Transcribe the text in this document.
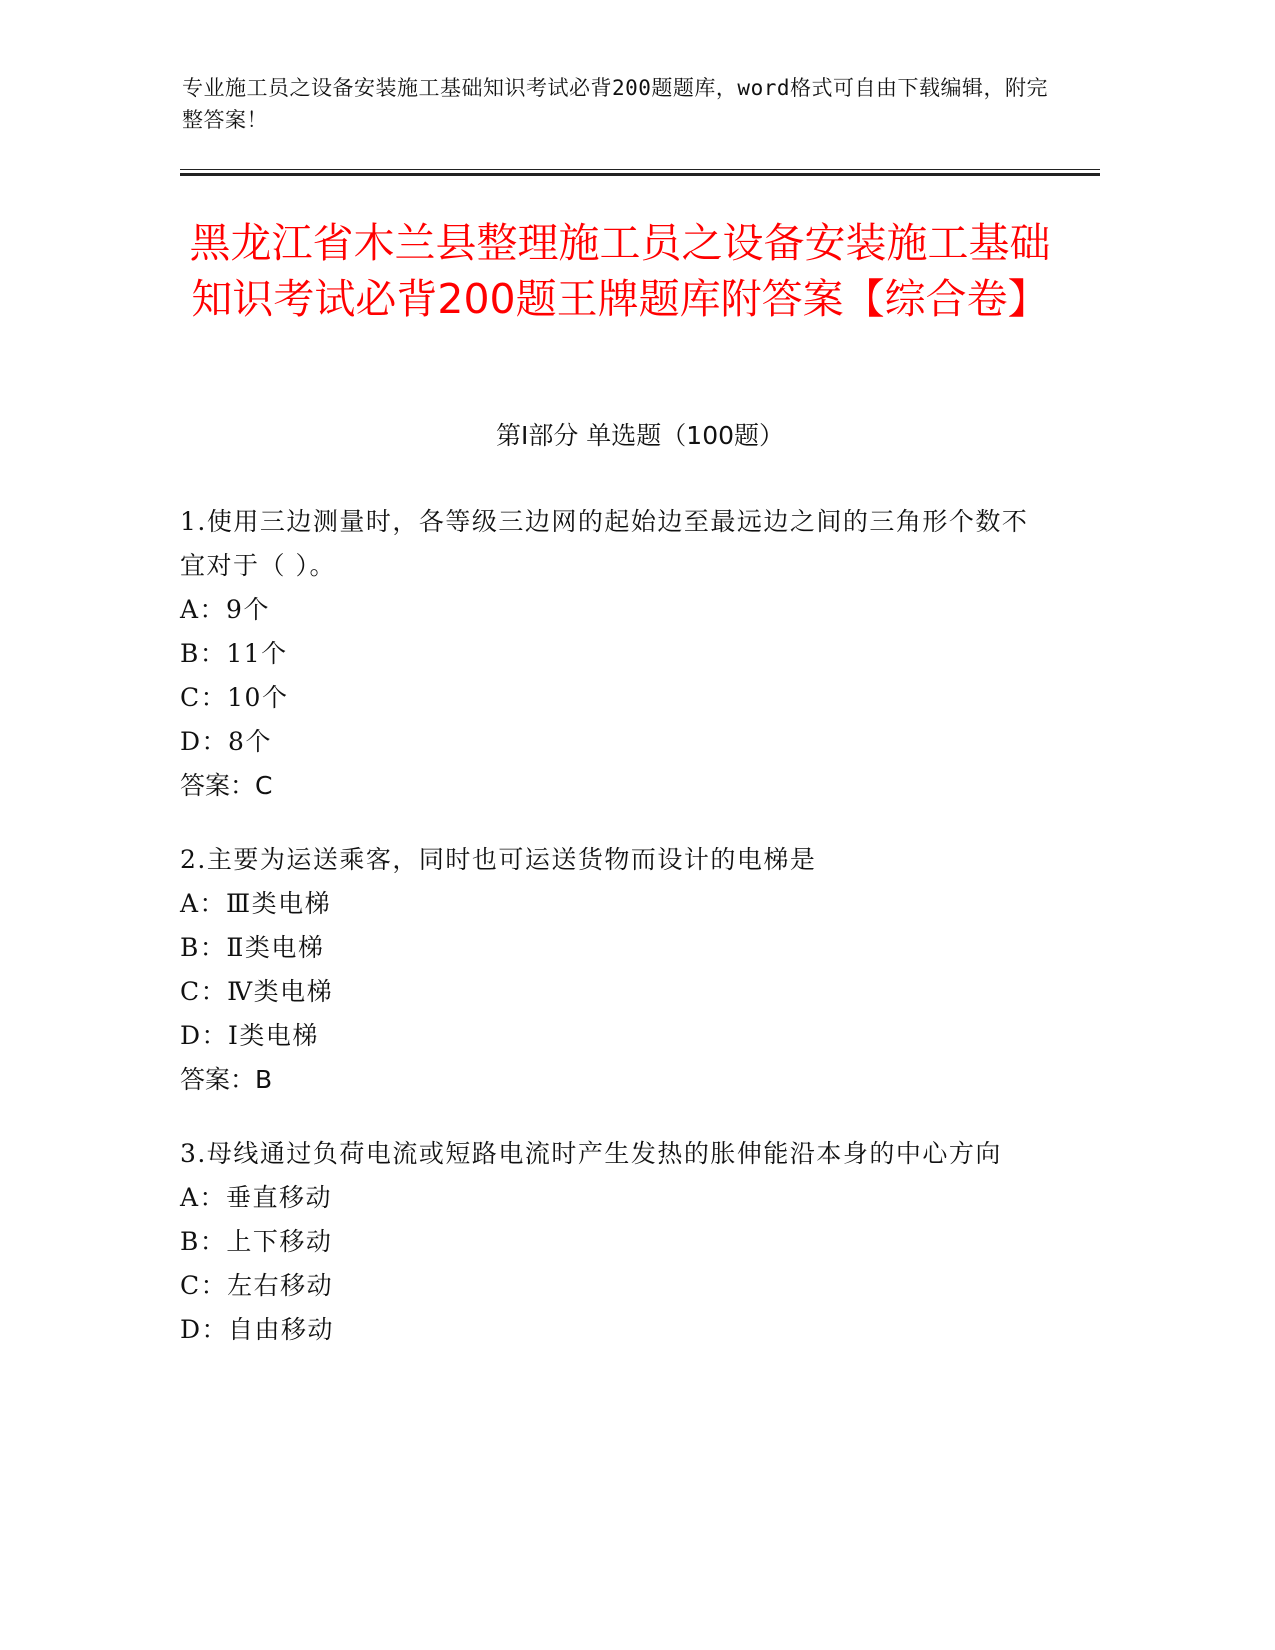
专业施工员之设备安装施工基础知识考试必背200题题库，word格式可自由下载编辑，附完整答案！
黑龙江省木兰县整理施工员之设备安装施工基础知识考试必背200题王牌题库附答案【综合卷】
第Ⅰ部分 单选题（100题）
1.使用三边测量时，各等级三边网的起始边至最远边之间的三角形个数不宜对于（ ）。
A：9个
B：11个
C：10个
D：8个
答案：C
2.主要为运送乘客，同时也可运送货物而设计的电梯是
A：Ⅲ类电梯
B：Ⅱ类电梯
C：Ⅳ类电梯
D：Ⅰ类电梯
答案：B
3.母线通过负荷电流或短路电流时产生发热的胀伸能沿本身的中心方向
A：垂直移动
B：上下移动
C：左右移动
D：自由移动
